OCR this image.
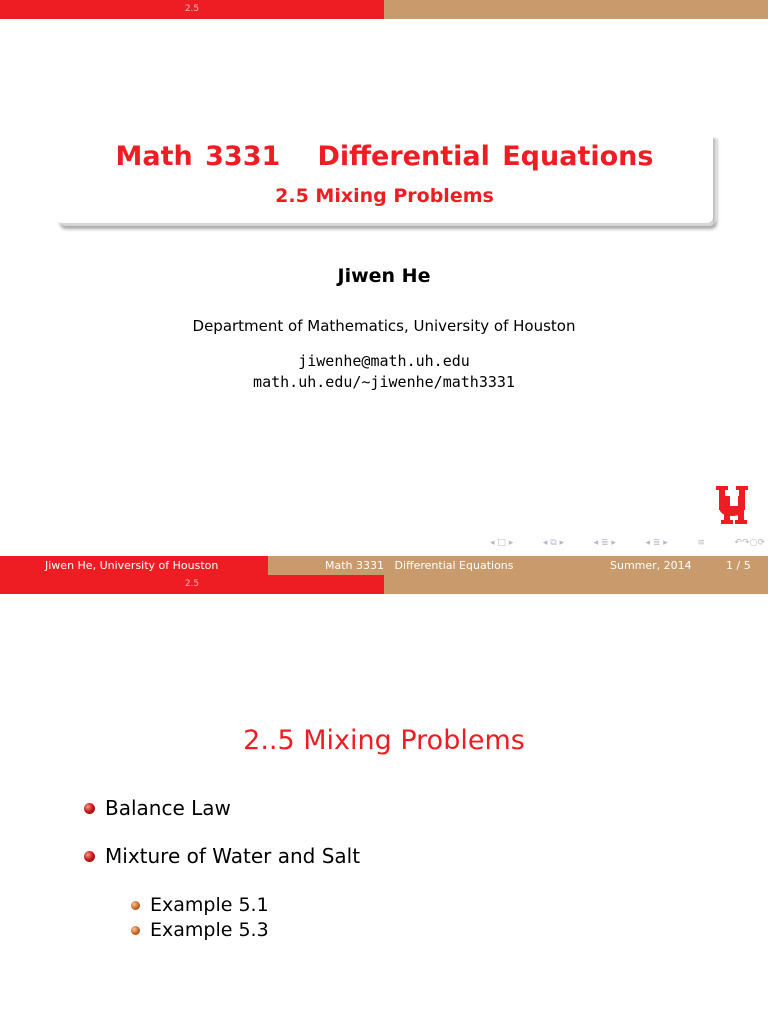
2.5
Math 3331   Differential Equations
2.5 Mixing Problems
Jiwen He
Department of Mathematics, University of Houston
jiwenhe@math.uh.edu
math.uh.edu/∼jiwenhe/math3331
◂ □ ▸	◂ ⧉ ▸	◂ ≣ ▸	◂ ≣ ▸	≡	↶↷○⟳
Jiwen He, University of Houston	Math 3331   Differential Equations	Summer, 2014	1 / 5
2.5
2..5 Mixing Problems
Balance Law
Mixture of Water and Salt
Example 5.1
Example 5.3
